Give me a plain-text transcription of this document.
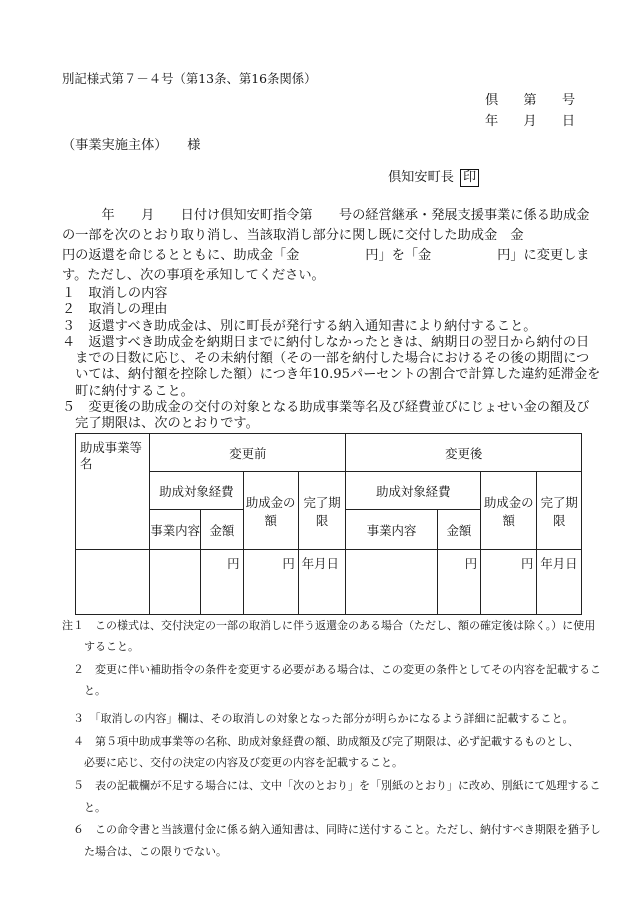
別記様式第７－４号（第13条、第16条関係）
倶 第 号
年 月 日
（事業実施主体）　　様
倶知安町長 印
　　　年　　月　　日付け倶知安町指令第　　号の経営継承・発展支援事業に係る助成金
の一部を次のとおり取り消し、当該取消し部分に関し既に交付した助成金　金
円の返還を命じるとともに、助成金「金　　　　　円」を「金　　　　　円」に変更しま
す。ただし、次の事項を承知してください。
１　取消しの内容
２　取消しの理由
３　返還すべき助成金は、別に町長が発行する納入通知書により納付すること。
４　返還すべき助成金を納期日までに納付しなかったときは、納期日の翌日から納付の日
　までの日数に応じ、その未納付額（その一部を納付した場合におけるその後の期間につ
　いては、納付額を控除した額）につき年10.95パーセントの割合で計算した違約延滞金を
　町に納付すること。
５　変更後の助成金の交付の対象となる助成事業等名及び経費並びにじょせい金の額及び
　完了期限は、次のとおりです。
助成事業等名	変更前				変更後			
	助成対象経費		助成金の額	完了期限	助成対象経費		助成金の額	完了期限
	事業内容	金額			事業内容	金額		
		円	円	年月日		円	円	年月日
注１　この様式は、交付決定の一部の取消しに伴う返還金のある場合（ただし、額の確定後は除く。）に使用
　　すること。
　２　変更に伴い補助指令の条件を変更する必要がある場合は、この変更の条件としてその内容を記載するこ
　　と。
　３　「取消しの内容」欄は、その取消しの対象となった部分が明らかになるよう詳細に記載すること。
　４　第５項中助成事業等の名称、助成対象経費の額、助成額及び完了期限は、必ず記載するものとし、
　　必要に応じ、交付の決定の内容及び変更の内容を記載すること。
　５　表の記載欄が不足する場合には、文中「次のとおり」を「別紙のとおり」に改め、別紙にて処理するこ
　　と。
　６　この命令書と当該還付金に係る納入通知書は、同時に送付すること。ただし、納付すべき期限を猶予し
　　た場合は、この限りでない。
